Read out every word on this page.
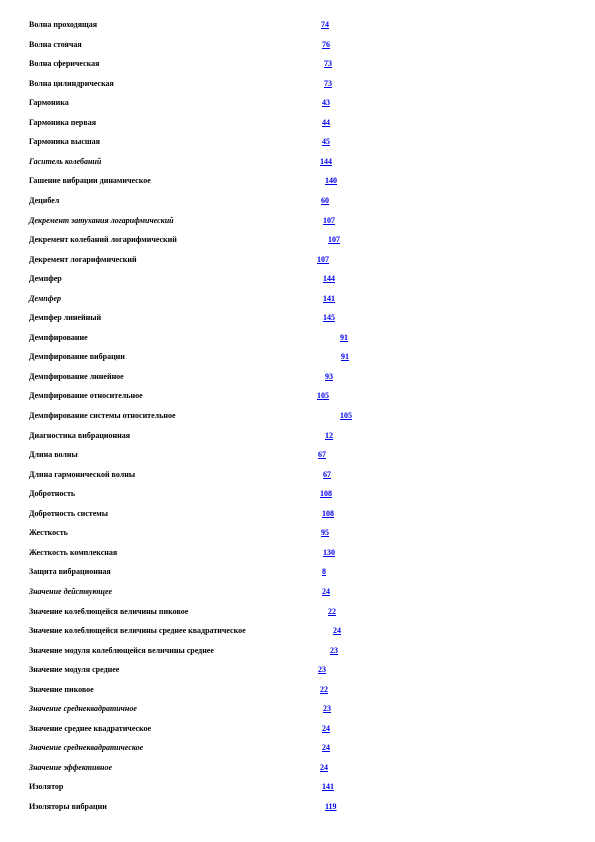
Волна проходящая	74
Волна стоячая	76
Волна сферическая	73
Волна цилиндрическая	73
Гармоника	43
Гармоника первая	44
Гармоника высшая	45
Гаситель колебаний	144
Гашение вибрации динамическое	140
Децибел	60
Декремент затухания логарифмический	107
Декремент колебаний логарифмический	107
Декремент логарифмический	107
Демпфер	144
Демпфер	141
Демпфер линейный	145
Демпфирование	91
Демпфирование вибрации	91
Демпфирование линейное	93
Демпфирование относительное	105
Демпфирование системы относительное	105
Диагностика вибрационная	12
Длина волны	67
Длина гармонической волны	67
Добротность	108
Добротность системы	108
Жесткость	95
Жесткость комплексная	130
Защита вибрационная	8
Значение действующее	24
Значение колеблющейся величины пиковое	22
Значение колеблющейся величины среднее квадратическое	24
Значение модуля колеблющейся величины среднее	23
Значение модуля среднее	23
Значение пиковое	22
Значение среднеквадратичное	23
Значение среднее квадратическое	24
Значение среднеквадратическое	24
Значение эффективное	24
Изолятор	141
Изоляторы вибрации	119
